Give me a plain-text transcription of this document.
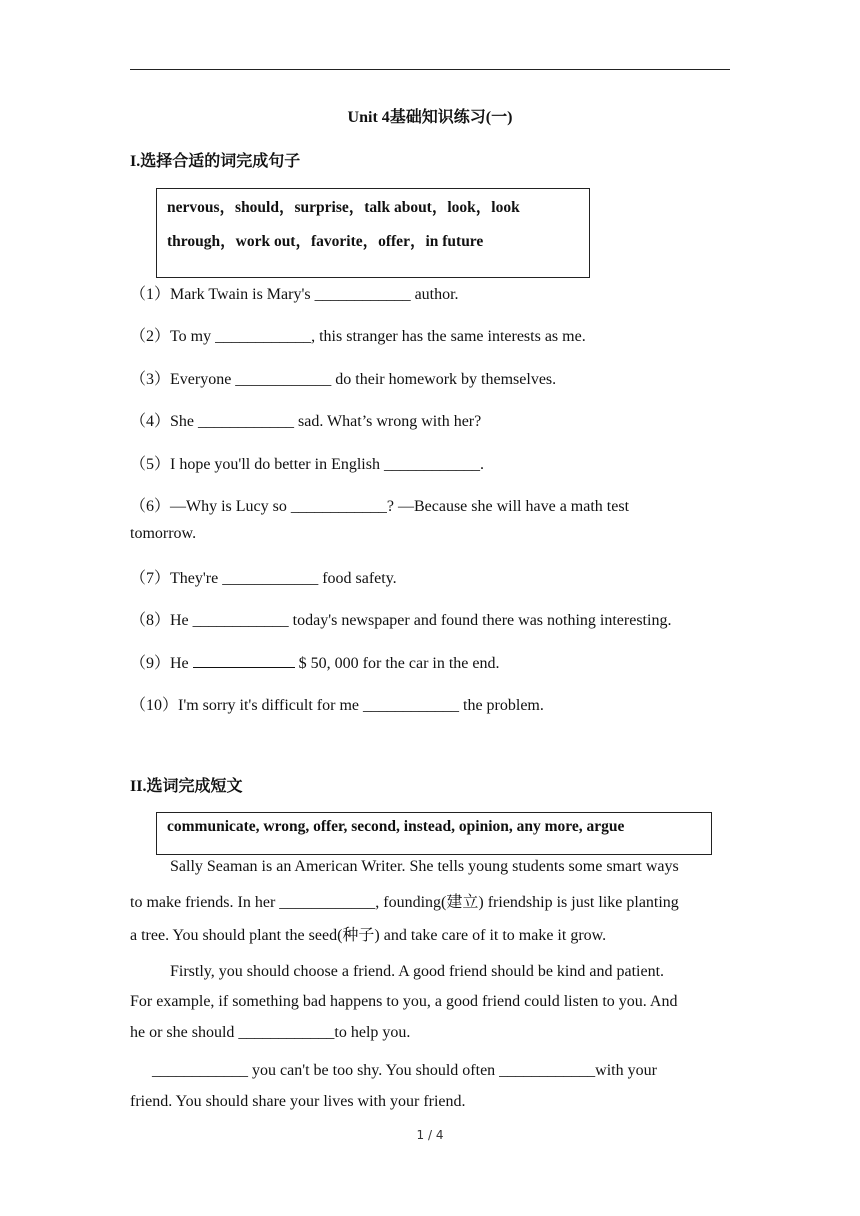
Unit 4基础知识练习(一)
I.选择合适的词完成句子
nervous，should，surprise，talk about，look，look
through，work out，favorite，offer，in future
（1）Mark Twain is Mary's ____________ author.
（2）To my ____________, this stranger has the same interests as me.
（3）Everyone ____________ do their homework by themselves.
（4）She ____________ sad. What’s wrong with her?
（5）I hope you'll do better in English ____________.
（6）—Why is Lucy so ____________? —Because she will have a math test
tomorrow.
（7）They're ____________ food safety.
（8）He ____________ today's newspaper and found there was nothing interesting.
（9）He	$ 50, 000 for the car in the end.
（10）I'm sorry it's difficult for me ____________ the problem.
II.选词完成短文
communicate, wrong, offer, second, instead, opinion, any more, argue
Sally Seaman is an American Writer. She tells young students some smart ways
to make friends. In her ____________, founding(建立) friendship is just like planting
a tree. You should plant the seed(种子) and take care of it to make it grow.
Firstly, you should choose a friend. A good friend should be kind and patient.
For example, if something bad happens to you, a good friend could listen to you. And
he or she should ____________to help you.
____________ you can't be too shy. You should often ____________with your
friend. You should share your lives with your friend.
1 / 4
